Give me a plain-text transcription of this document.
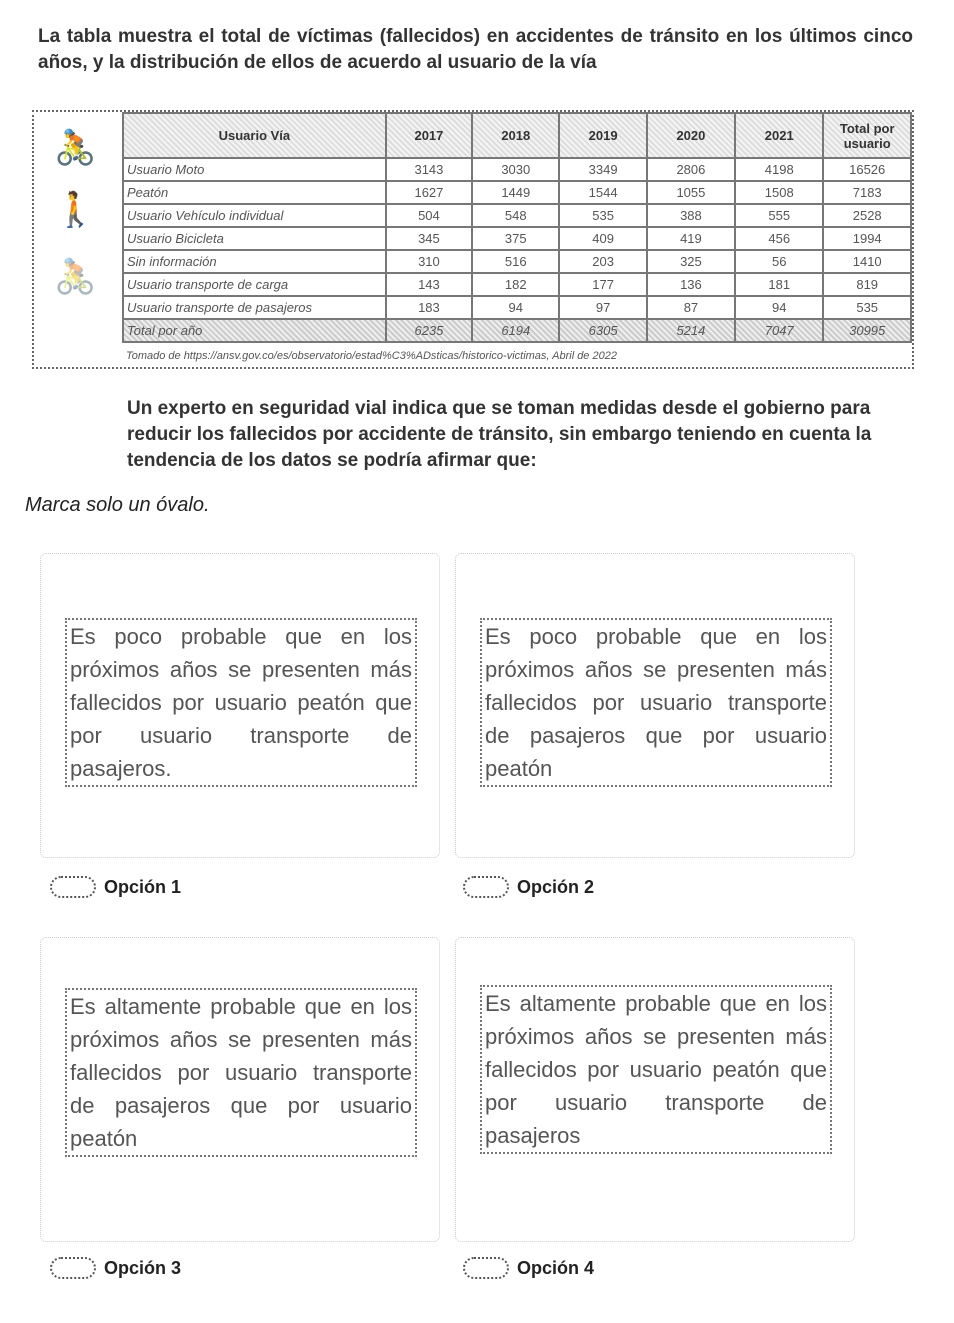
La tabla muestra el total de víctimas (fallecidos) en accidentes de tránsito en los últimos cinco años, y la distribución de ellos de acuerdo al usuario de la vía
🚴
🚶
🚴
Usuario Vía	2017	2018	2019	2020	2021	Total por usuario
Usuario Moto	3143	3030	3349	2806	4198	16526
Peatón	1627	1449	1544	1055	1508	7183
Usuario Vehículo individual	504	548	535	388	555	2528
Usuario Bicicleta	345	375	409	419	456	1994
Sin información	310	516	203	325	56	1410
Usuario transporte de carga	143	182	177	136	181	819
Usuario transporte de pasajeros	183	94	97	87	94	535
Total por año	6235	6194	6305	5214	7047	30995
Tomado de https://ansv.gov.co/es/observatorio/estad%C3%ADsticas/historico-victimas, Abril de 2022
Un experto en seguridad vial indica que se toman medidas desde el gobierno para reducir los fallecidos por accidente de tránsito, sin embargo teniendo en cuenta la tendencia de los datos se podría afirmar que:
Marca solo un óvalo.
Es poco probable que en los próximos años se presenten más fallecidos por usuario peatón que por usuario transporte de pasajeros.
Es poco probable que en los próximos años se presenten más fallecidos por usuario transporte de pasajeros que por usuario peatón
Es altamente probable que en los próximos años se presenten más fallecidos por usuario transporte de pasajeros que por usuario peatón
Es altamente probable que en los próximos años se presenten más fallecidos por usuario peatón que por usuario transporte de pasajeros
Opción 1	Opción 2
Opción 3	Opción 4
